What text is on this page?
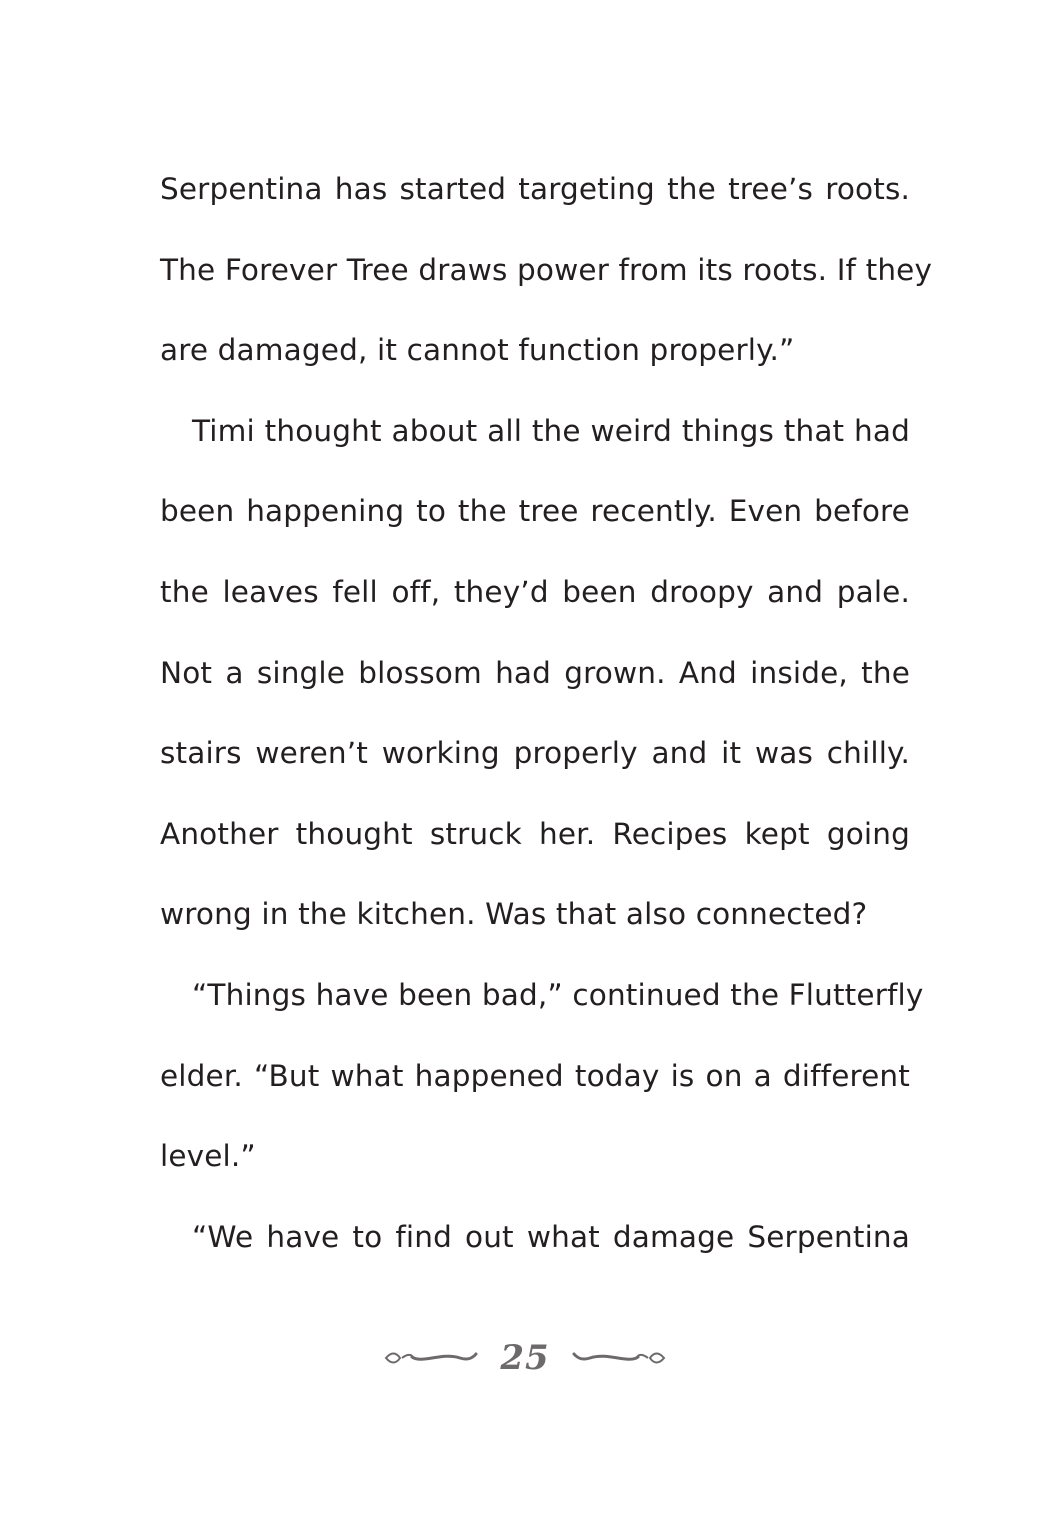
Serpentina has started targeting the tree’s roots.
The Forever Tree draws power from its roots. If they
are damaged, it cannot function properly.”
Timi thought about all the weird things that had
been happening to the tree recently. Even before
the leaves fell off, they’d been droopy and pale.
Not a single blossom had grown. And inside, the
stairs weren’t working properly and it was chilly.
Another thought struck her. Recipes kept going
wrong in the kitchen. Was that also connected?
“Things have been bad,” continued the Flutterfly
elder. “But what happened today is on a different
level.”
“We have to find out what damage Serpentina
25
